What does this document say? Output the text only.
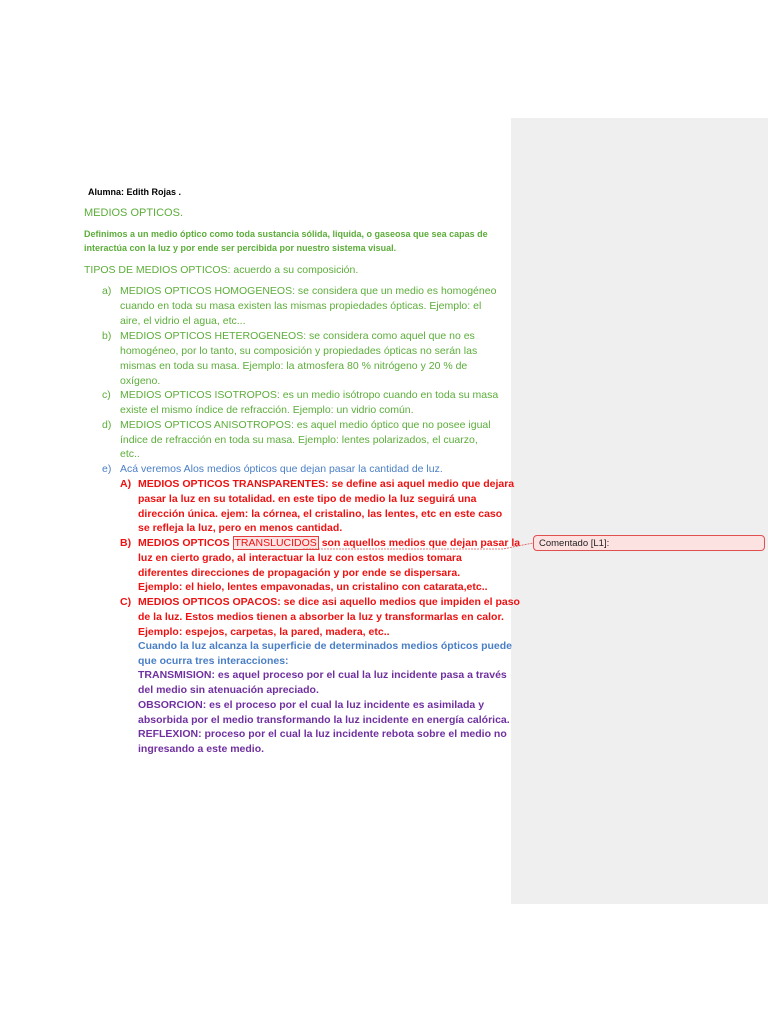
Alumna: Edith Rojas .
MEDIOS OPTICOS.
Definimos a un medio óptico como toda sustancia sólida, liquida, o gaseosa que sea capas de
interactúa con la luz y por ende ser percibida por nuestro sistema visual.
TIPOS DE MEDIOS OPTICOS: acuerdo a su composición.
a) MEDIOS OPTICOS HOMOGENEOS: se considera que un medio es homogéneo
cuando en toda su masa existen las mismas propiedades ópticas. Ejemplo: el
aire, el vidrio el agua, etc...
b) MEDIOS OPTICOS HETEROGENEOS: se considera como aquel que no es
homogéneo, por lo tanto, su composición y propiedades ópticas no serán las
mismas en toda su masa. Ejemplo: la atmosfera 80 % nitrógeno y 20 % de
oxígeno.
c) MEDIOS OPTICOS ISOTROPOS: es un medio isótropo cuando en toda su masa
existe el mismo índice de refracción. Ejemplo: un vidrio común.
d) MEDIOS OPTICOS ANISOTROPOS: es aquel medio óptico que no posee igual
índice de refracción en toda su masa. Ejemplo: lentes polarizados, el cuarzo,
etc..
e) Acá veremos Alos medios ópticos que dejan pasar la cantidad de luz.
A) MEDIOS OPTICOS TRANSPARENTES: se define asi aquel medio que dejara
pasar la luz en su totalidad. en este tipo de medio la luz seguirá una
dirección única. ejem: la córnea, el cristalino, las lentes, etc en este caso
se refleja la luz, pero en menos cantidad.
B) MEDIOS OPTICOS TRANSLUCIDOS son aquellos medios que dejan pasar la
luz en cierto grado, al interactuar la luz con estos medios tomara
diferentes direcciones de propagación y por ende se dispersara.
Ejemplo: el hielo, lentes empavonadas, un cristalino con catarata,etc..
C) MEDIOS OPTICOS OPACOS: se dice asi aquello medios que impiden el paso
de la luz. Estos medios tienen a absorber la luz y transformarlas en calor.
Ejemplo: espejos, carpetas, la pared, madera, etc..
Cuando la luz alcanza la superficie de determinados medios ópticos puede
que ocurra tres interacciones:
TRANSMISION: es aquel proceso por el cual la luz incidente pasa a través
del medio sin atenuación apreciado.
OBSORCION: es el proceso por el cual la luz incidente es asimilada y
absorbida por el medio transformando la luz incidente en energía calórica.
REFLEXION: proceso por el cual la luz incidente rebota sobre el medio no
ingresando a este medio.
Comentado [L1]:
